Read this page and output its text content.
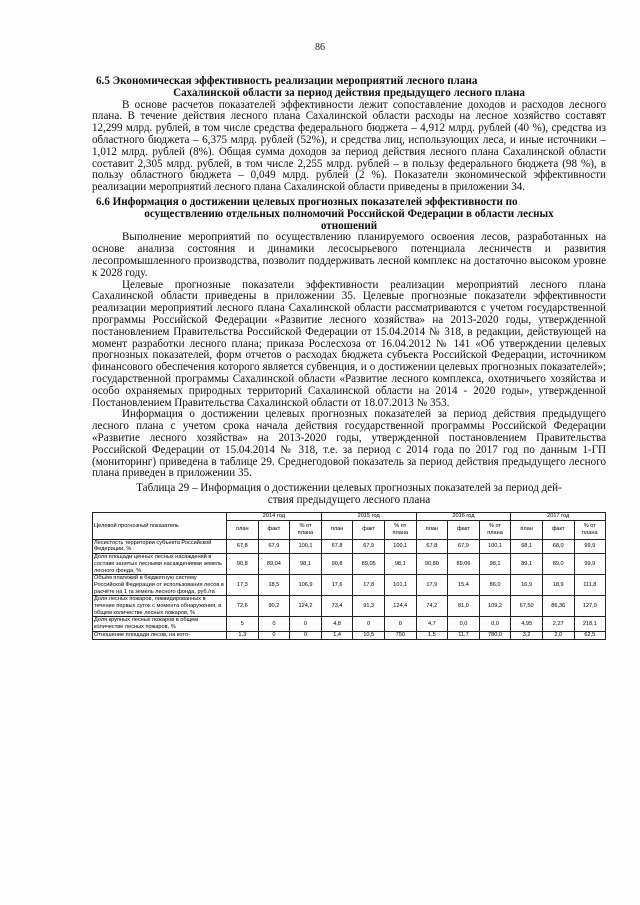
86

6.5 Экономическая эффективность реализации мероприятий лесного плана

Сахалинской области за период действия предыдущего лесного плана

В основе расчетов показателей эффективности лежит сопоставление доходов и расходов лесного плана. В течение действия лесного плана Сахалинской области расходы на лесное хозяйство составят 12,299 млрд. рублей, в том числе средства федерального бюджета – 4,912 млрд. рублей (40 %), средства из областного бюджета – 6,375 млрд. рублей (52%), и средства лиц, использующих леса, и иные источники – 1,012 млрд. рублей (8%). Общая сумма доходов за период действия лесного плана Сахалинской области составит 2,305 млрд. рублей, в том числе 2,255 млрд. рублей – в пользу федерального бюджета (98 %), в пользу областного бюджета – 0,049 млрд. рублей (2 %). Показатели экономической эффективности реализации мероприятий лесного плана Сахалинской области приведены в приложении 34.

6.6 Информация о достижении целевых прогнозных показателей эффективности по

осуществлению отдельных полномочий Российской Федерации в области лесных

отношений

Выполнение мероприятий по осуществлению планируемого освоения лесов, разработанных на основе анализа состояния и динамики лесосырьевого потенциала лесничеств и развития лесопромышленного производства, позволит поддерживать лесной комплекс на достаточно высоком уровне к 2028 году.

Целевые прогнозные показатели эффективности реализации мероприятий лесного плана Сахалинской области приведены в приложении 35. Целевые прогнозные показатели эффективности реализации мероприятий лесного плана Сахалинской области рассматриваются с учетом государственной программы Российской Федерации «Развитие лесного хозяйства» на 2013-2020 годы, утвержденной постановлением Правительства Российской Федерации от 15.04.2014 № 318, в редакции, действующей на момент разработки лесного плана; приказа Рослесхоза от 16.04.2012 № 141 «Об утверждении целевых прогнозных показателей, форм отчетов о расходах бюджета субъекта Российской Федерации, источником финансового обеспечения которого является субвенция, и о достижении целевых прогнозных показателей»; государственной программы Сахалинской области «Развитие лесного комплекса, охотничьего хозяйства и особо охраняемых природных территорий Сахалинской области на 2014 - 2020 годы», утвержденной Постановлением Правительства Сахалинской области от 18.07.2013 № 353.

Информация о достижении целевых прогнозных показателей за период действия предыдущего лесного плана с учетом срока начала действия государственной программы Российской Федерации «Развитие лесного хозяйства» на 2013-2020 годы, утвержденной постановлением Правительства Российской Федерации от 15.04.2014 № 318, т.е. за период с 2014 года по 2017 год по данным 1-ГП (мониторинг) приведена в таблице 29. Среднегодовой показатель за период действия предыдущего лесного плана приведен в приложении 35.

Таблица 29 – Информация о достижении целевых прогнозных показателей за период дей-
ствия предыдущего лесного плана

Целевой прогнозный показатель	2014 год			2015 год			2016 год			2017 год		
	план	факт	% от плана	план	факт	% от плана	план	факт	% от плана	план	факт	% от плана
Лесистость территории субъекта Российской Федерации, %	67,8	67,9	100,1	67,8	67,9	100,1	67,8	67,9	100,1	68,1	68,0	99,9
Доля площади ценных лесных насаждений в составе занятых лесными насаждениями земель лесного фонда, %	90,8	89,04	98,1	90,8	89,05	98,1	90,80	89,06	98,1	89,1	89,0	99,9
Объём платежей в бюджетную систему Российской Федерации от использования лесов в расчёте на 1 га земель лесного фонда, руб./га	17,3	18,5	106,9	17,6	17,8	101,1	17,9	15,4	86,0	16,9	18,9	111,8
Доля лесных пожаров, ликвидированных в течение первых суток с момента обнаружения, в общем количестве лесных пожаров, %	72,6	90,2	124,2	73,4	91,3	124,4	74,2	81,0	109,2	67,50	86,36	127,9
Доля крупных лесных пожаров в общем количестве лесных пожаров, %	5	0	0	4,8	0	0	4,7	0,0	0,0	4,95	2,27	218,1
Отношение площади лесов, на кото-	1,3	0	0	1,4	10,5	750	1,5	11,7	780,0	3,2	2,0	62,5
